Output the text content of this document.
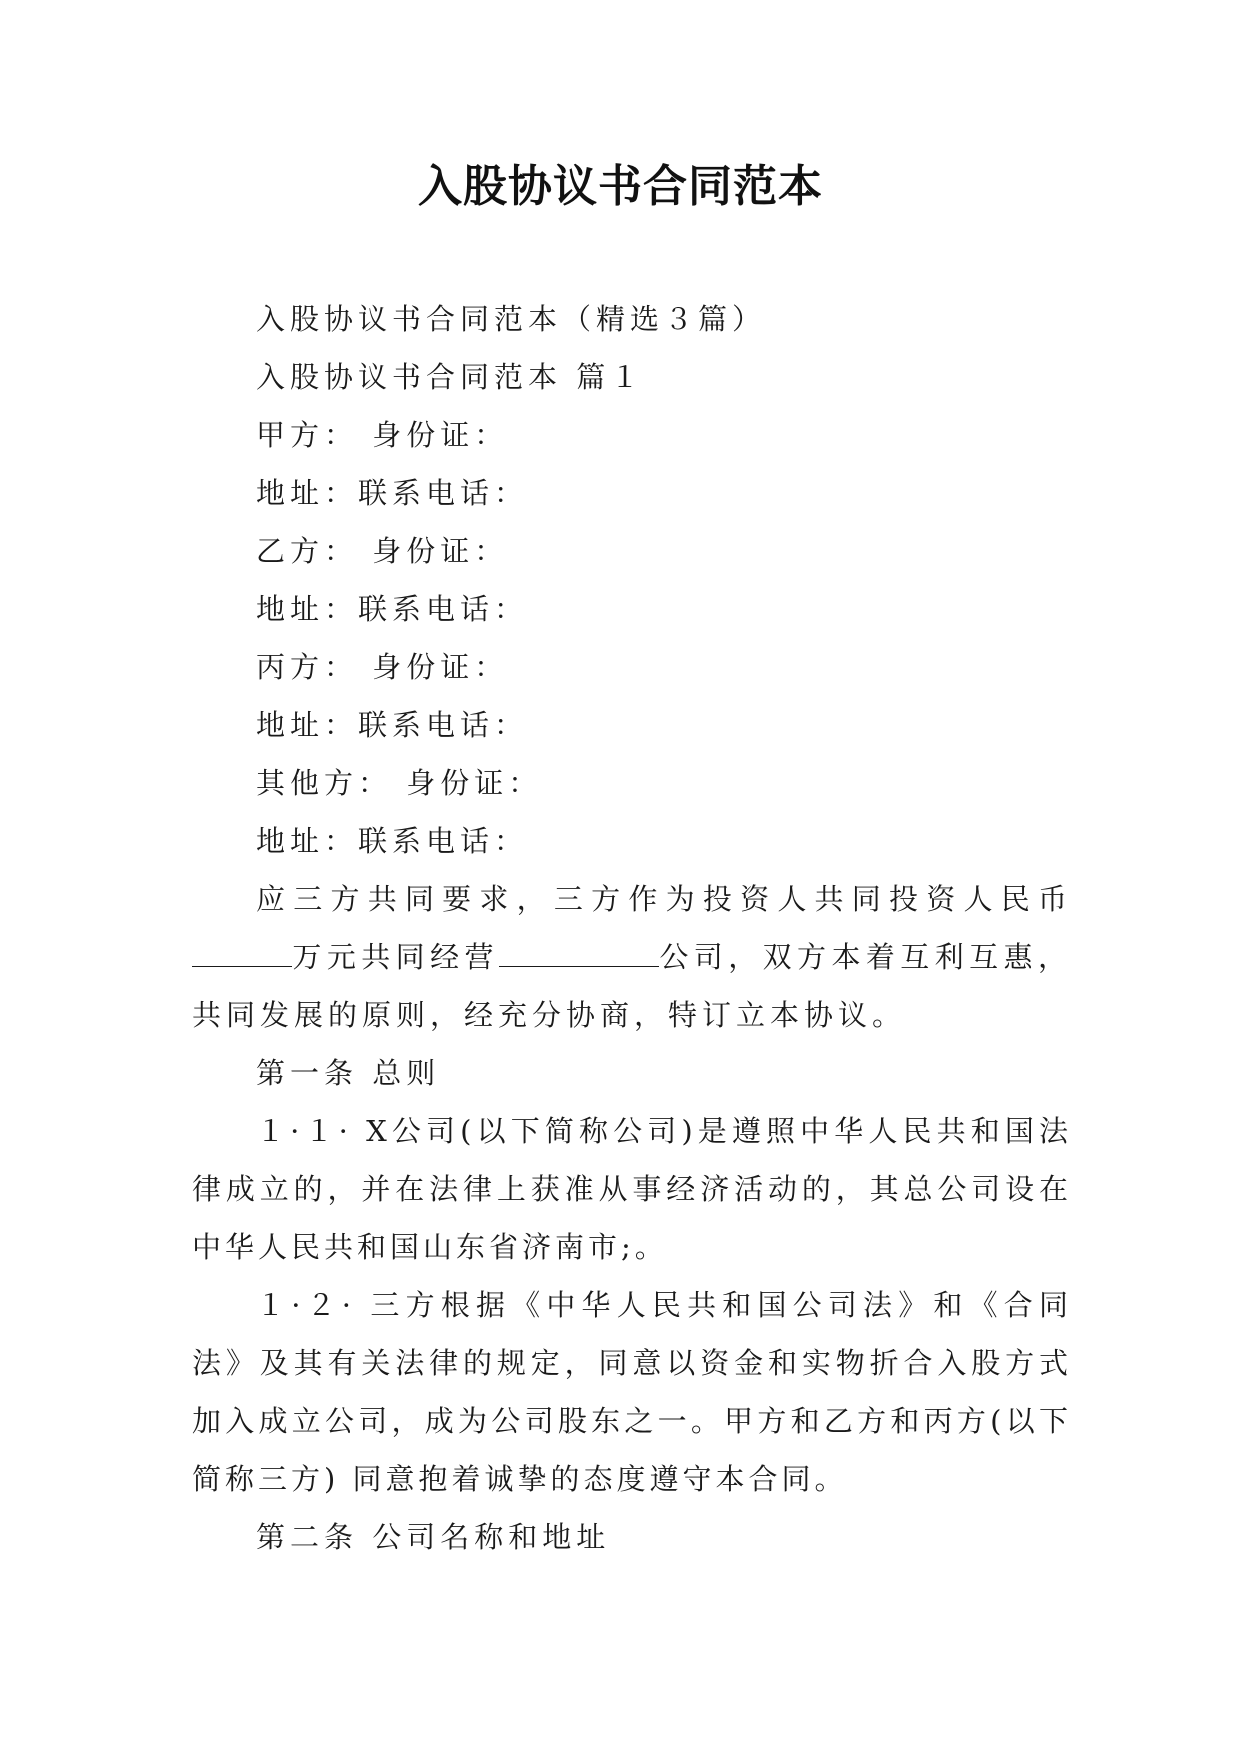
入股协议书合同范本
入股协议书合同范本（精选３篇）
入股协议书合同范本 篇１
甲方： 身份证：
地址：联系电话：
乙方： 身份证：
地址：联系电话：
丙方： 身份证：
地址：联系电话：
其他方： 身份证：
地址：联系电话：
应三方共同要求，三方作为投资人共同投资人民币万元共同经营	公司，双方本着互利互惠，共同发展的原则，经充分协商，特订立本协议。
第一条 总则
１·１· X公司(以下简称公司)是遵照中华人民共和国法律成立的，并在法律上获准从事经济活动的，其总公司设在中华人民共和国山东省济南市;。
１·２· 三方根据《中华人民共和国公司法》和《合同法》及其有关法律的规定，同意以资金和实物折合入股方式加入成立公司，成为公司股东之一。甲方和乙方和丙方(以下简称三方) 同意抱着诚挚的态度遵守本合同。
第二条 公司名称和地址
